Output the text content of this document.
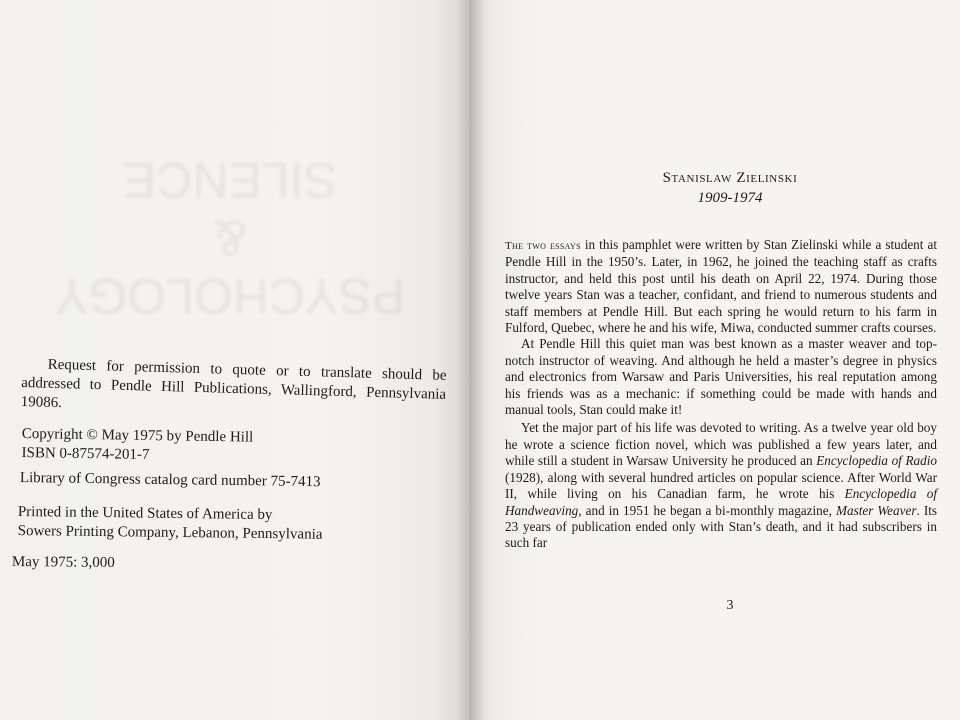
PSYCHOLOGY &
SILENCE

Request for permission to quote or to translate should be addressed to Pendle Hill Publications, Wallingford, Pennsylvania 19086.

Copyright © May 1975 by Pendle Hill
ISBN 0-87574-201-7

Library of Congress catalog card number 75-7413

Printed in the United States of America by
Sowers Printing Company, Lebanon, Pennsylvania

May 1975: 3,000

Stanislaw Zielinski
1909-1974

The two essays in this pamphlet were written by Stan Zielinski while a student at Pendle Hill in the 1950’s. Later, in 1962, he joined the teaching staff as crafts instructor, and held this post until his death on April 22, 1974. During those twelve years Stan was a teacher, confidant, and friend to numerous students and staff members at Pendle Hill. But each spring he would return to his farm in Fulford, Quebec, where he and his wife, Miwa, conducted summer crafts courses.

At Pendle Hill this quiet man was best known as a master weaver and top-notch instructor of weaving. And although he held a master’s degree in physics and electronics from Warsaw and Paris Universities, his real reputation among his friends was as a mechanic: if something could be made with hands and manual tools, Stan could make it!

Yet the major part of his life was devoted to writing. As a twelve year old boy he wrote a science fiction novel, which was published a few years later, and while still a student in Warsaw University he produced an Encyclopedia of Radio (1928), along with several hundred articles on popular science. After World War II, while living on his Canadian farm, he wrote his Encyclopedia of Handweaving, and in 1951 he began a bi-monthly magazine, Master Weaver. Its 23 years of publication ended only with Stan’s death, and it had subscribers in such far

3
